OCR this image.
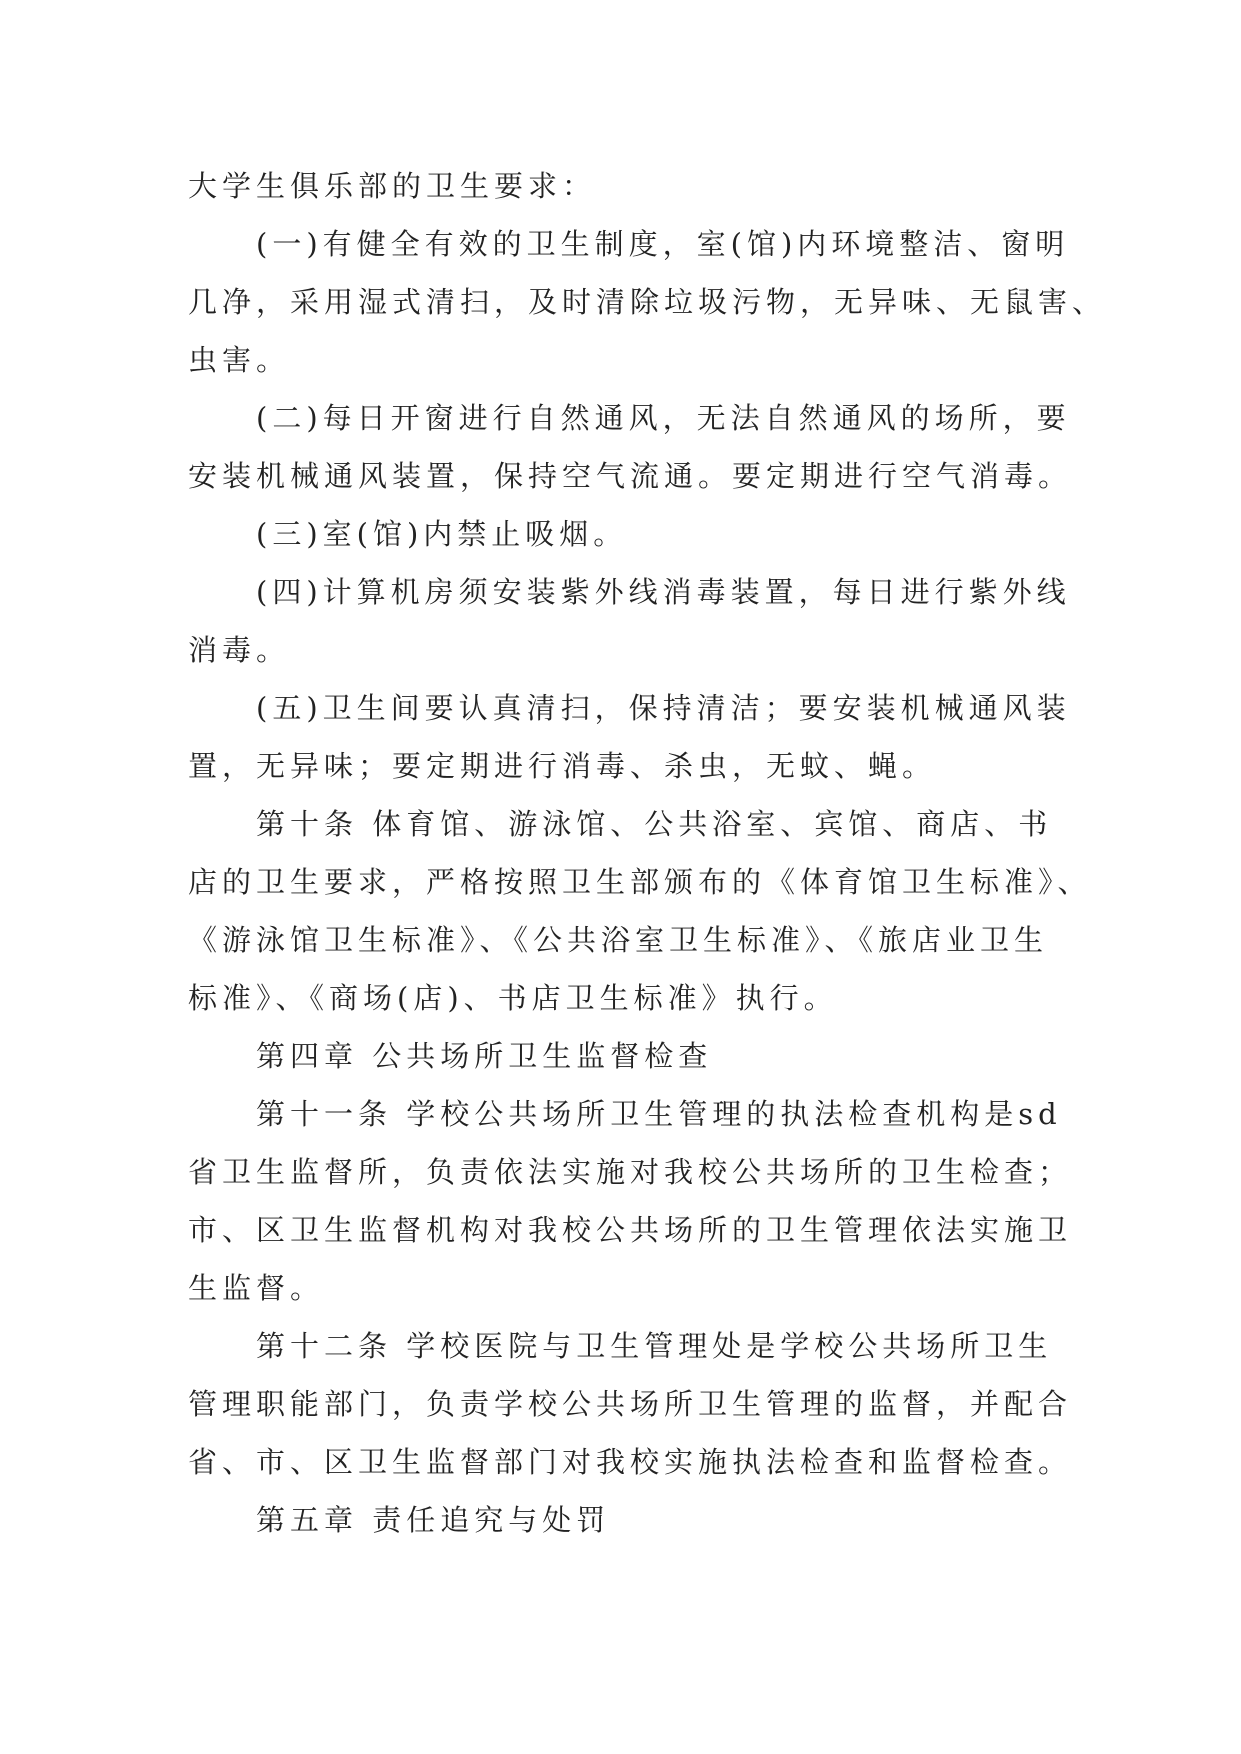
大学生俱乐部的卫生要求：
(一)有健全有效的卫生制度，室(馆)内环境整洁、窗明
几净，采用湿式清扫，及时清除垃圾污物，无异味、无鼠害、
虫害。
(二)每日开窗进行自然通风，无法自然通风的场所，要
安装机械通风装置，保持空气流通。要定期进行空气消毒。
(三)室(馆)内禁止吸烟。
(四)计算机房须安装紫外线消毒装置，每日进行紫外线
消毒。
(五)卫生间要认真清扫，保持清洁；要安装机械通风装
置，无异味；要定期进行消毒、杀虫，无蚊、蝇。
第十条 体育馆、游泳馆、公共浴室、宾馆、商店、书
店的卫生要求，严格按照卫生部颁布的《体育馆卫生标准》、
《游泳馆卫生标准》、《公共浴室卫生标准》、《旅店业卫生
标准》、《商场(店)、书店卫生标准》执行。
第四章 公共场所卫生监督检查
第十一条 学校公共场所卫生管理的执法检查机构是sd
省卫生监督所，负责依法实施对我校公共场所的卫生检查；
市、区卫生监督机构对我校公共场所的卫生管理依法实施卫
生监督。
第十二条 学校医院与卫生管理处是学校公共场所卫生
管理职能部门，负责学校公共场所卫生管理的监督，并配合
省、市、区卫生监督部门对我校实施执法检查和监督检查。
第五章 责任追究与处罚
